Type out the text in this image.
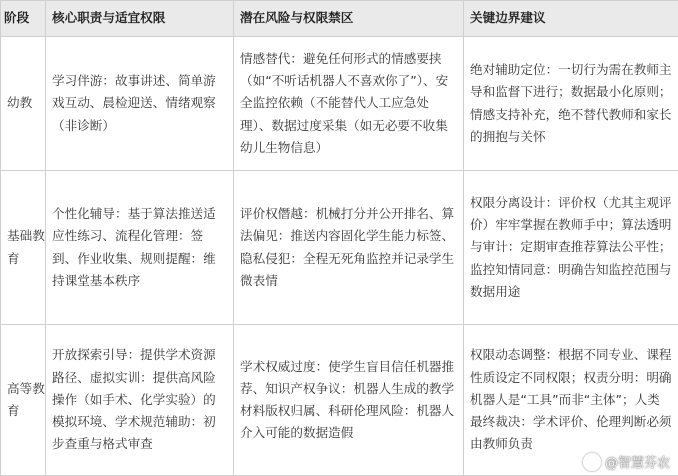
阶段	核心职责与适宜权限	潜在风险与权限禁区	关键边界建议
幼教	学习伴游：故事讲述、简单游戏互动、晨检迎送、情绪观察（非诊断）	情感替代：避免任何形式的情感要挟（如“不听话机器人不喜欢你了”）、安全监控依赖（不能替代人工应急处理）、数据过度采集（如无必要不收集幼儿生物信息）	绝对辅助定位：一切行为需在教师主导和监督下进行；数据最小化原则；情感支持补充，绝不替代教师和家长的拥抱与关怀
基础教育	个性化辅导：基于算法推送适应性练习、流程化管理：签到、作业收集、规则提醒：维持课堂基本秩序	评价权僭越：机械打分并公开排名、算法偏见：推送内容固化学生能力标签、隐私侵犯：全程无死角监控并记录学生微表情	权限分离设计：评价权（尤其主观评价）牢牢掌握在教师手中；算法透明与审计：定期审查推荐算法公平性；监控知情同意：明确告知监控范围与数据用途
高等教育	开放探索引导：提供学术资源路径、虚拟实训：提供高风险操作（如手术、化学实验）的模拟环境、学术规范辅助：初步查重与格式审查	学术权威过度：使学生盲目信任机器推荐、知识产权争议：机器人生成的教学材料版权归属、科研伦理风险：机器人介入可能的数据造假	权限动态调整：根据不同专业、课程性质设定不同权限；权责分明：明确机器人是“工具”而非“主体”；人类最终裁决：学术评价、伦理判断必须由教师负责
@智慧芬农
